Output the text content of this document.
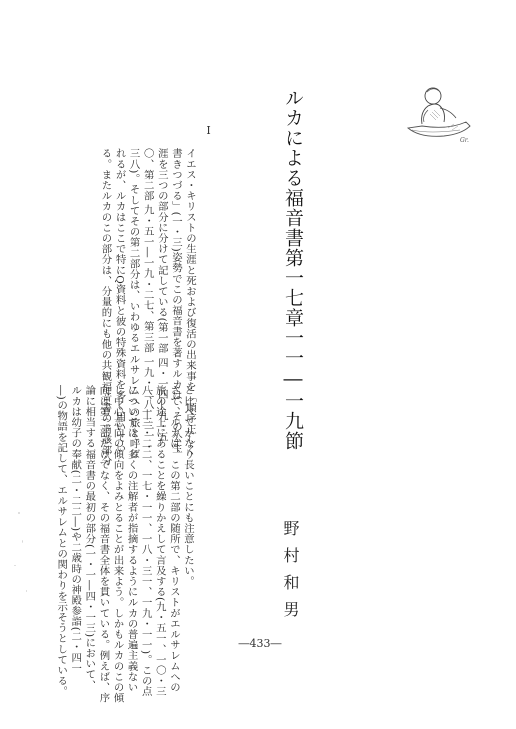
Gr.
ルカによる福音書第一七章一一―一九節
野村和男
I
イエス・キリストの生涯と死および復活の出来事を「順序正しく
書きつづる」(一・三)姿勢でこの福音書を著すルカは、その公生
涯を三つの部分に分けて記している(第一部 四・一四―九・五
〇、第二部 九・五一―一九・二七、第三部 一九・二八―二一・
三八)。そしてその第二部分は、いわゆるエルサレムへの旅と呼ば
れるが、ルカはここで特にQ資料と彼の特殊資料を多く用いてい
る。またルカのこの部分は、分量的にも他の共観福音書の当該部分
と比べてかなり長いことにも注意したい。
さて、ルカは、この第二部の随所で、キリストがエルサレムへの
旅の途上にあることを繰りかえして言及する(九・五一、一〇・三
八、一三・二二、一七・一一、一八・三一、一九・一一)。この点
については、多くの注解者が指摘するようにルカの普遍主義ない
し中心志向の傾向をよみとることが出来よう。しかもルカのこの傾
向は第二部だけでなく、その福音書全体を貫いている。例えば、序
論に相当する福音書の最初の部分(一・一―四・一三)において、
ルカは幼子の奉献(二・二二―)や二歳時の神殿参詣(二・四一
―)の物語を記して、エルサレムとの関わりを示そうとしている。	―433―
